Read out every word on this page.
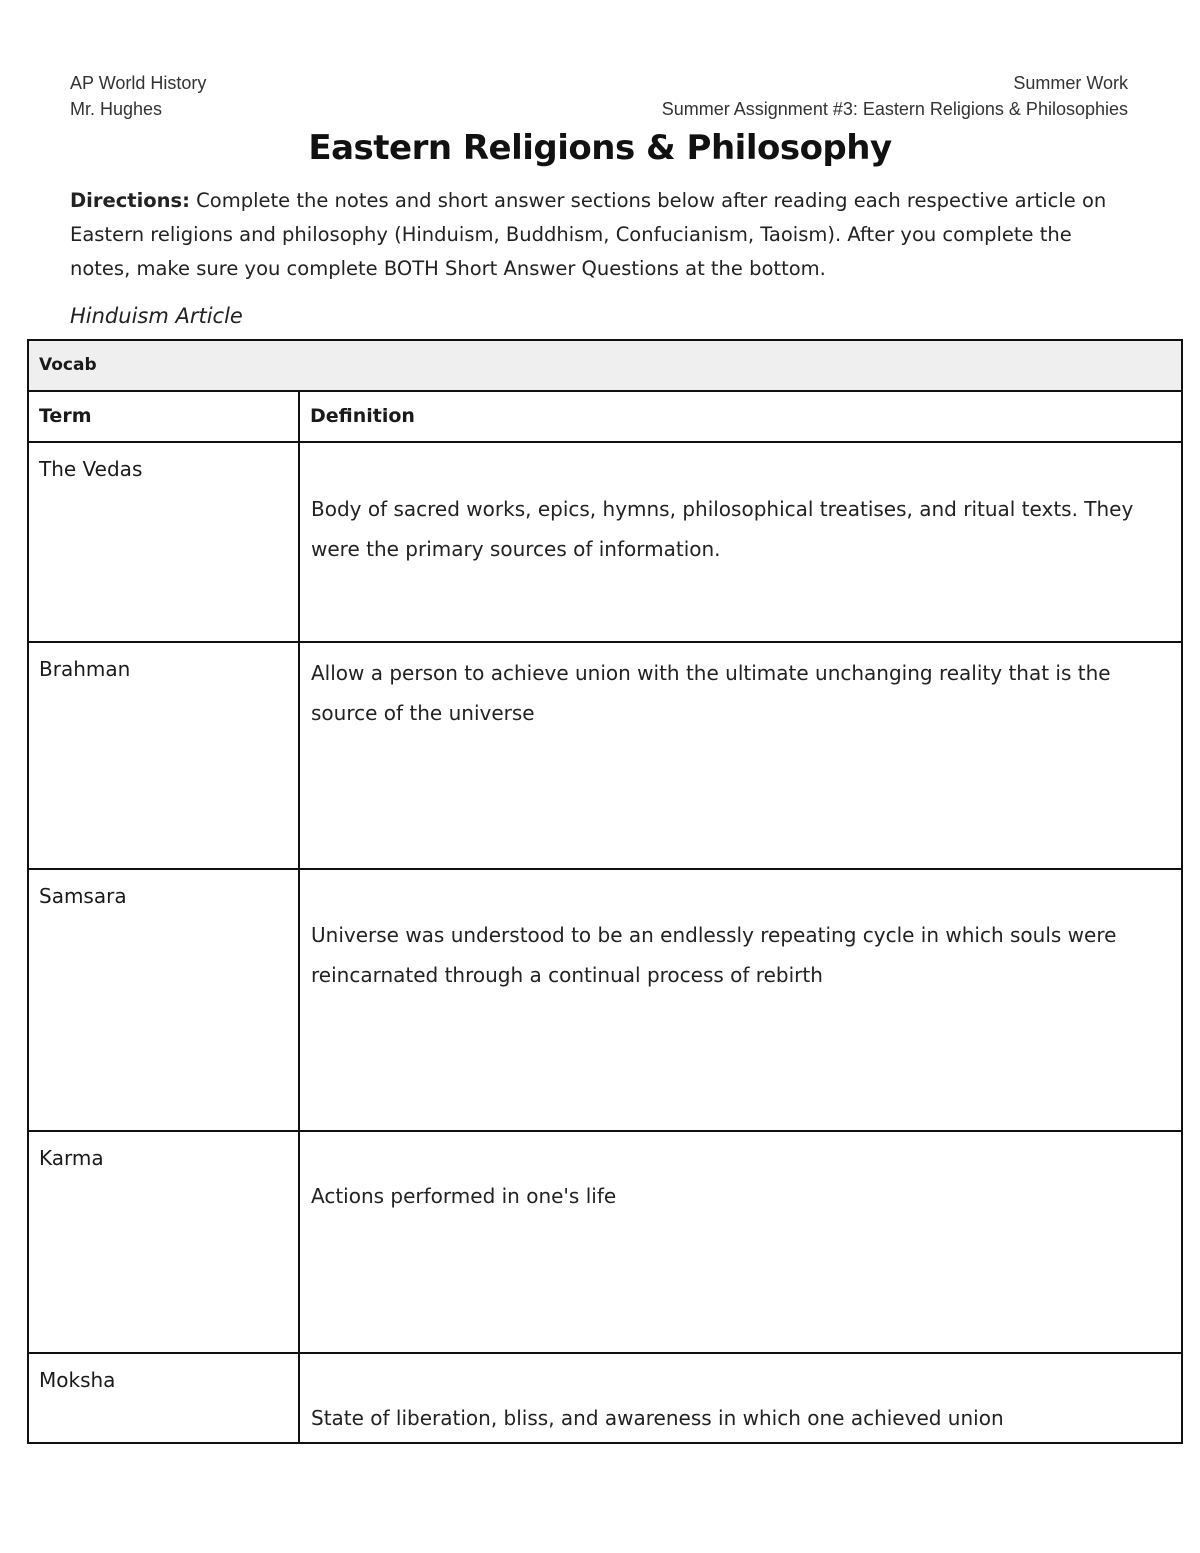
AP World History
Mr. Hughes
Summer Work
Summer Assignment #3: Eastern Religions & Philosophies
Eastern Religions & Philosophy
Directions: Complete the notes and short answer sections below after reading each respective article on Eastern religions and philosophy (Hinduism, Buddhism, Confucianism, Taoism). After you complete the notes, make sure you complete BOTH Short Answer Questions at the bottom.
Hinduism Article
Vocab	
Term	Definition

The Vedas	Body of sacred works, epics, hymns, philosophical treatises, and ritual texts. They were the primary sources of information.

Brahman	Allow a person to achieve union with the ultimate unchanging reality that is the source of the universe

Samsara	Universe was understood to be an endlessly repeating cycle in which souls were reincarnated through a continual process of rebirth

Karma	Actions performed in one's life

Moksha	State of liberation, bliss, and awareness in which one achieved union
